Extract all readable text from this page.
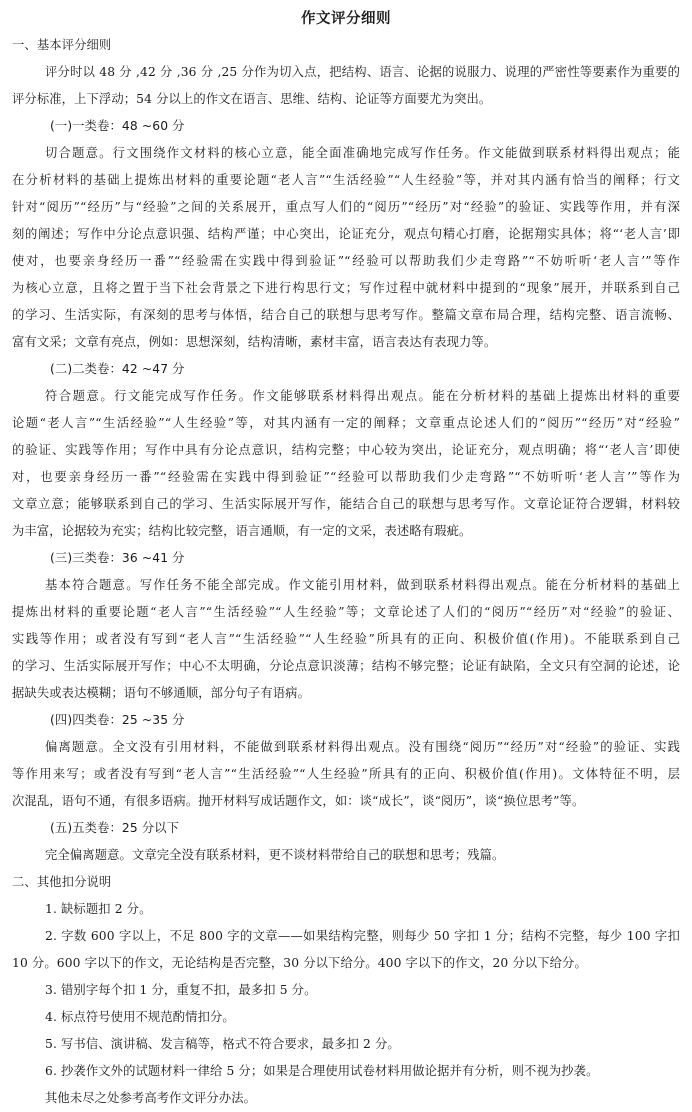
作文评分细则
一、基本评分细则
评分时以 48 分 ,42 分 ,36 分 ,25 分作为切入点，把结构、语言、论据的说服力、说理的严密性等要素作为重要的
评分标准，上下浮动；54 分以上的作文在语言、思维、结构、论证等方面要尤为突出。
(一)一类卷：48 ~60 分
切合题意。行文围绕作文材料的核心立意，能全面准确地完成写作任务。作文能做到联系材料得出观点；能
在分析材料的基础上提炼出材料的重要论题“老人言”“生活经验”“人生经验”等，并对其内涵有恰当的阐释；行文
针对“阅历”“经历”与“经验”之间的关系展开，重点写人们的“阅历”“经历”对“经验”的验证、实践等作用，并有深
刻的阐述；写作中分论点意识强、结构严谨；中心突出，论证充分，观点句精心打磨，论据翔实具体；将“‘老人言’即
使对，也要亲身经历一番”“经验需在实践中得到验证”“经验可以帮助我们少走弯路”“不妨听听‘老人言’”等作
为核心立意，且将之置于当下社会背景之下进行构思行文；写作过程中就材料中提到的“现象”展开，并联系到自己
的学习、生活实际，有深刻的思考与体悟，结合自己的联想与思考写作。整篇文章布局合理，结构完整、语言流畅、
富有文采；文章有亮点，例如：思想深刻，结构清晰，素材丰富，语言表达有表现力等。
(二)二类卷：42 ~47 分
符合题意。行文能完成写作任务。作文能够联系材料得出观点。能在分析材料的基础上提炼出材料的重要
论题“老人言”“生活经验”“人生经验”等，对其内涵有一定的阐释；文章重点论述人们的“阅历”“经历”对“经验”
的验证、实践等作用；写作中具有分论点意识，结构完整；中心较为突出，论证充分，观点明确；将“‘老人言’即使
对，也要亲身经历一番”“经验需在实践中得到验证”“经验可以帮助我们少走弯路”“不妨听听‘老人言’”等作为
文章立意；能够联系到自己的学习、生活实际展开写作，能结合自己的联想与思考写作。文章论证符合逻辑，材料较
为丰富，论据较为充实；结构比较完整，语言通顺，有一定的文采，表述略有瑕疵。
(三)三类卷：36 ~41 分
基本符合题意。写作任务不能全部完成。作文能引用材料，做到联系材料得出观点。能在分析材料的基础上
提炼出材料的重要论题“老人言”“生活经验”“人生经验”等；文章论述了人们的“阅历”“经历”对“经验”的验证、
实践等作用；或者没有写到“老人言”“生活经验”“人生经验”所具有的正向、积极价值(作用)。不能联系到自己
的学习、生活实际展开写作；中心不太明确，分论点意识淡薄；结构不够完整；论证有缺陷，全文只有空洞的论述，论
据缺失或表达模糊；语句不够通顺，部分句子有语病。
(四)四类卷：25 ~35 分
偏离题意。全文没有引用材料，不能做到联系材料得出观点。没有围绕“阅历”“经历”对“经验”的验证、实践
等作用来写；或者没有写到“老人言”“生活经验”“人生经验”所具有的正向、积极价值(作用)。文体特征不明，层
次混乱，语句不通，有很多语病。抛开材料写成话题作文，如：谈“成长”，谈“阅历”，谈“换位思考”等。
(五)五类卷：25 分以下
完全偏离题意。文章完全没有联系材料，更不谈材料带给自己的联想和思考；残篇。
二、其他扣分说明
1. 缺标题扣 2 分。
2. 字数 600 字以上，不足 800 字的文章——如果结构完整，则每少 50 字扣 1 分；结构不完整，每少 100 字扣
10 分。600 字以下的作文，无论结构是否完整，30 分以下给分。400 字以下的作文，20 分以下给分。
3. 错别字每个扣 1 分，重复不扣，最多扣 5 分。
4. 标点符号使用不规范酌情扣分。
5. 写书信、演讲稿、发言稿等，格式不符合要求，最多扣 2 分。
6. 抄袭作文外的试题材料一律给 5 分；如果是合理使用试卷材料用做论据并有分析，则不视为抄袭。
其他未尽之处参考高考作文评分办法。
